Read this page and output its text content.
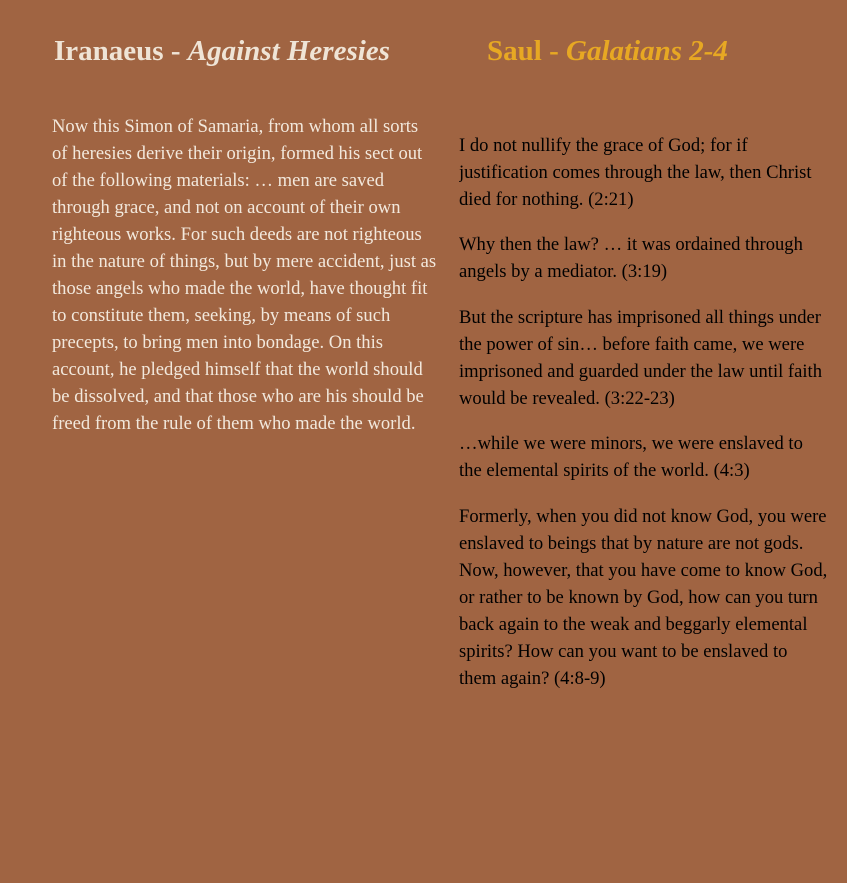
Iranaeus - Against Heresies

Now this Simon of Samaria, from whom all sorts of heresies derive their origin, formed his sect out of the following materials: … men are saved through grace, and not on account of their own righteous works. For such deeds are not righteous in the nature of things, but by mere accident, just as those angels who made the world, have thought fit to constitute them, seeking, by means of such precepts, to bring men into bondage. On this account, he pledged himself that the world should be dissolved, and that those who are his should be freed from the rule of them who made the world.

Saul - Galatians 2-4

I do not nullify the grace of God; for if justification comes through the law, then Christ died for nothing. (2:21)

Why then the law? … it was ordained through angels by a mediator. (3:19)

But the scripture has imprisoned all things under the power of sin… before faith came, we were imprisoned and guarded under the law until faith would be revealed. (3:22-23)

…while we were minors, we were enslaved to the elemental spirits of the world. (4:3)

Formerly, when you did not know God, you were enslaved to beings that by nature are not gods. Now, however, that you have come to know God, or rather to be known by God, how can you turn back again to the weak and beggarly elemental spirits? How can you want to be enslaved to them again? (4:8-9)
